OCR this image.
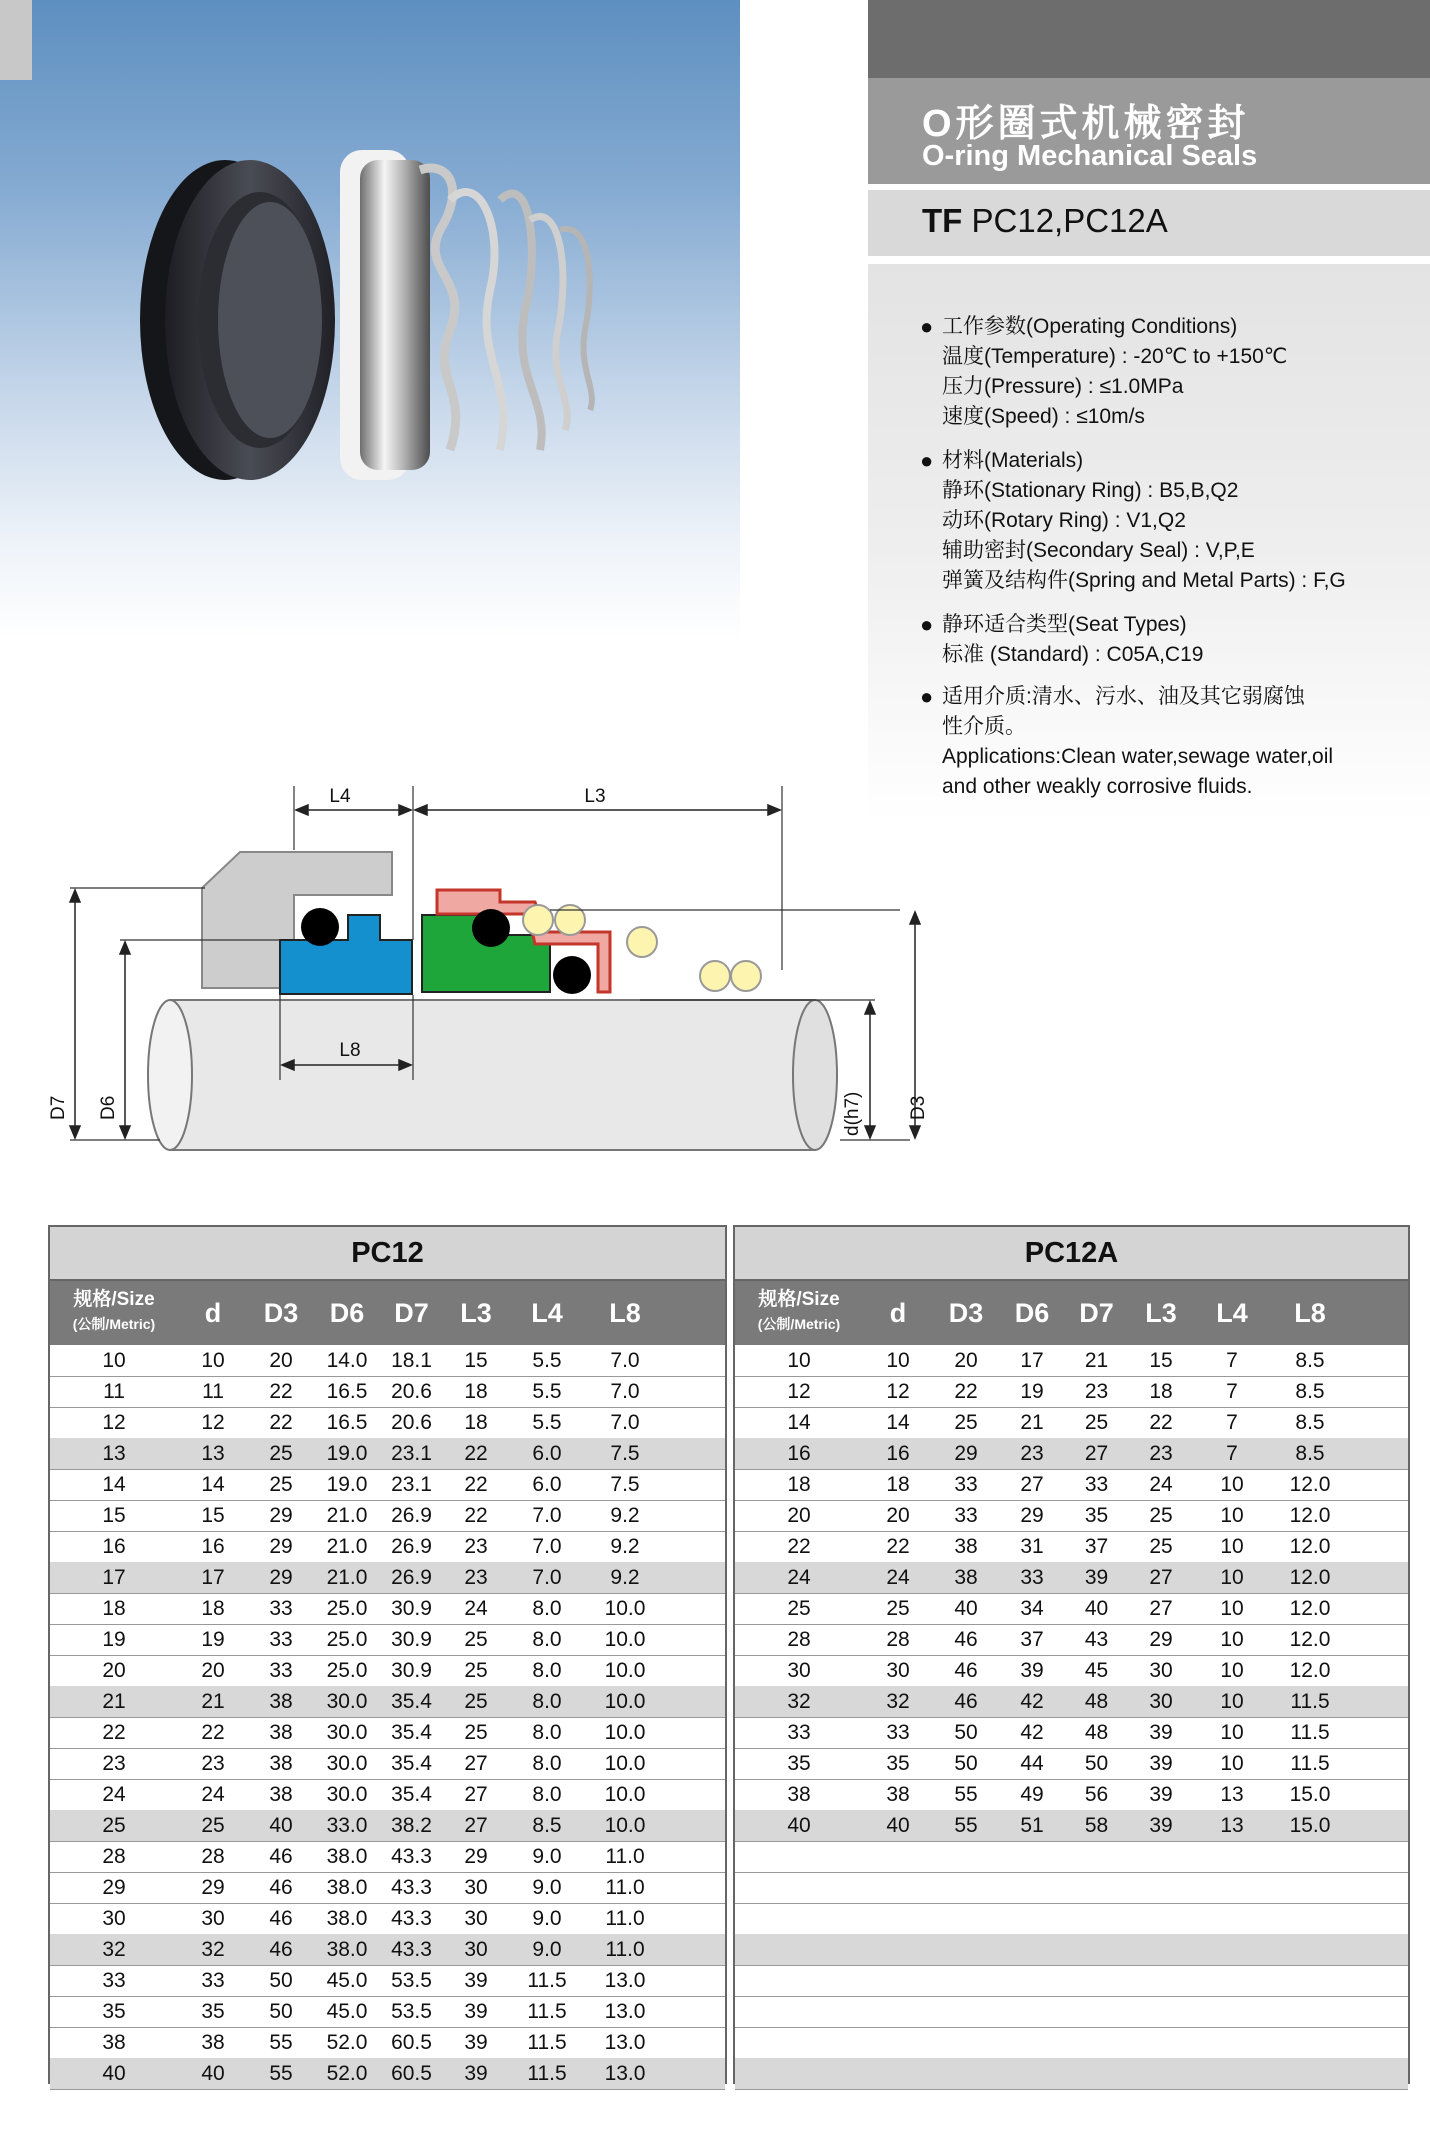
O形圈式机械密封
O-ring Mechanical Seals
TF PC12,PC12A
● 工作参数(Operating Conditions)
温度(Temperature) : -20℃ to +150℃
压力(Pressure) : ≤1.0MPa
速度(Speed) : ≤10m/s
● 材料(Materials)
静环(Stationary Ring) : B5,B,Q2
动环(Rotary Ring) : V1,Q2
辅助密封(Secondary Seal) : V,P,E
弹簧及结构件(Spring and Metal Parts) : F,G
● 静环适合类型(Seat Types)
标准 (Standard) : C05A,C19
● 适用介质:清水、污水、油及其它弱腐蚀
性介质。
Applications:Clean water,sewage water,oil
and other weakly corrosive fluids.
L4	L3
L8
D7 D6	d(h7) D3
PC12
规格/Size
(公制/Metric)	d	D3	D6	D7	L3	L4	L8
10	10	20	14.0	18.1	15	5.5	7.0
11	11	22	16.5	20.6	18	5.5	7.0
12	12	22	16.5	20.6	18	5.5	7.0
13	13	25	19.0	23.1	22	6.0	7.5
14	14	25	19.0	23.1	22	6.0	7.5
15	15	29	21.0	26.9	22	7.0	9.2
16	16	29	21.0	26.9	23	7.0	9.2
17	17	29	21.0	26.9	23	7.0	9.2
18	18	33	25.0	30.9	24	8.0	10.0
19	19	33	25.0	30.9	25	8.0	10.0
20	20	33	25.0	30.9	25	8.0	10.0
21	21	38	30.0	35.4	25	8.0	10.0
22	22	38	30.0	35.4	25	8.0	10.0
23	23	38	30.0	35.4	27	8.0	10.0
24	24	38	30.0	35.4	27	8.0	10.0
25	25	40	33.0	38.2	27	8.5	10.0
28	28	46	38.0	43.3	29	9.0	11.0
29	29	46	38.0	43.3	30	9.0	11.0
30	30	46	38.0	43.3	30	9.0	11.0
32	32	46	38.0	43.3	30	9.0	11.0
33	33	50	45.0	53.5	39	11.5	13.0
35	35	50	45.0	53.5	39	11.5	13.0
38	38	55	52.0	60.5	39	11.5	13.0
40	40	55	52.0	60.5	39	11.5	13.0
PC12A
规格/Size
(公制/Metric)	d	D3	D6	D7	L3	L4	L8
10	10	20	17	21	15	7	8.5
12	12	22	19	23	18	7	8.5
14	14	25	21	25	22	7	8.5
16	16	29	23	27	23	7	8.5
18	18	33	27	33	24	10	12.0
20	20	33	29	35	25	10	12.0
22	22	38	31	37	25	10	12.0
24	24	38	33	39	27	10	12.0
25	25	40	34	40	27	10	12.0
28	28	46	37	43	29	10	12.0
30	30	46	39	45	30	10	12.0
32	32	46	42	48	30	10	11.5
33	33	50	42	48	39	10	11.5
35	35	50	44	50	39	10	11.5
38	38	55	49	56	39	13	15.0
40	40	55	51	58	39	13	15.0
